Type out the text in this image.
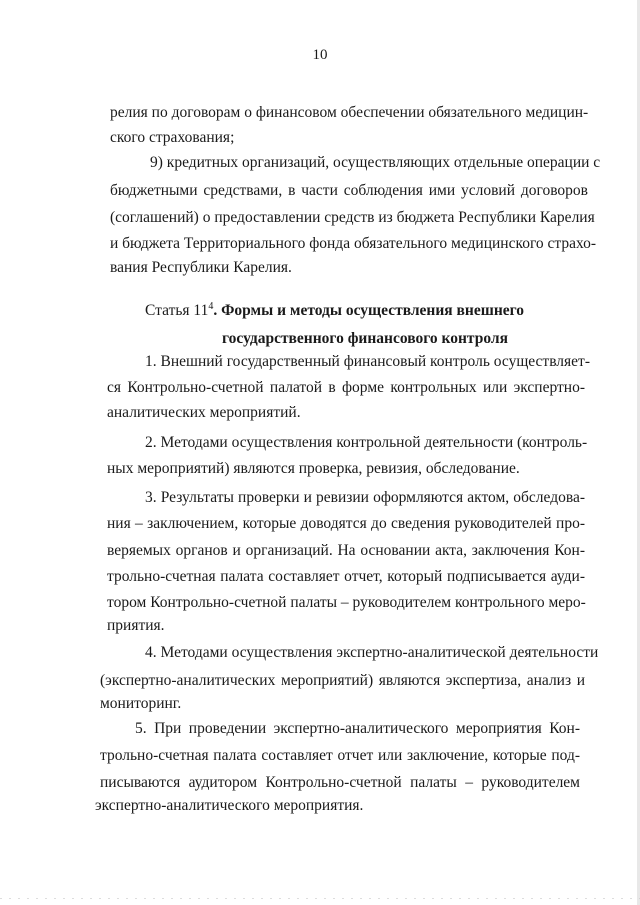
10
релия по договорам о финансовом обеспечении обязательного медицин-
ского страхования;
9) кредитных организаций, осуществляющих отдельные операции с
бюджетными средствами, в части соблюдения ими условий договоров
(соглашений) о предоставлении средств из бюджета Республики Карелия
и бюджета Территориального фонда обязательного медицинского страхо-
вания Республики Карелия.
Статья $11^4$. Формы и методы осуществления внешнего
государственного финансового контроля
1. Внешний государственный финансовый контроль осуществляет-
ся Контрольно-счетной палатой в форме контрольных или экспертно-
аналитических мероприятий.
2. Методами осуществления контрольной деятельности (контроль-
ных мероприятий) являются проверка, ревизия, обследование.
3. Результаты проверки и ревизии оформляются актом, обследова-
ния – заключением, которые доводятся до сведения руководителей про-
веряемых органов и организаций. На основании акта, заключения Кон-
трольно-счетная палата составляет отчет, который подписывается ауди-
тором Контрольно-счетной палаты – руководителем контрольного меро-
приятия.
4. Методами осуществления экспертно-аналитической деятельности
(экспертно-аналитических мероприятий) являются экспертиза, анализ и
мониторинг.
5. При проведении экспертно-аналитического мероприятия Кон-
трольно-счетная палата составляет отчет или заключение, которые под-
писываются аудитором Контрольно-счетной палаты – руководителем
экспертно-аналитического мероприятия.
